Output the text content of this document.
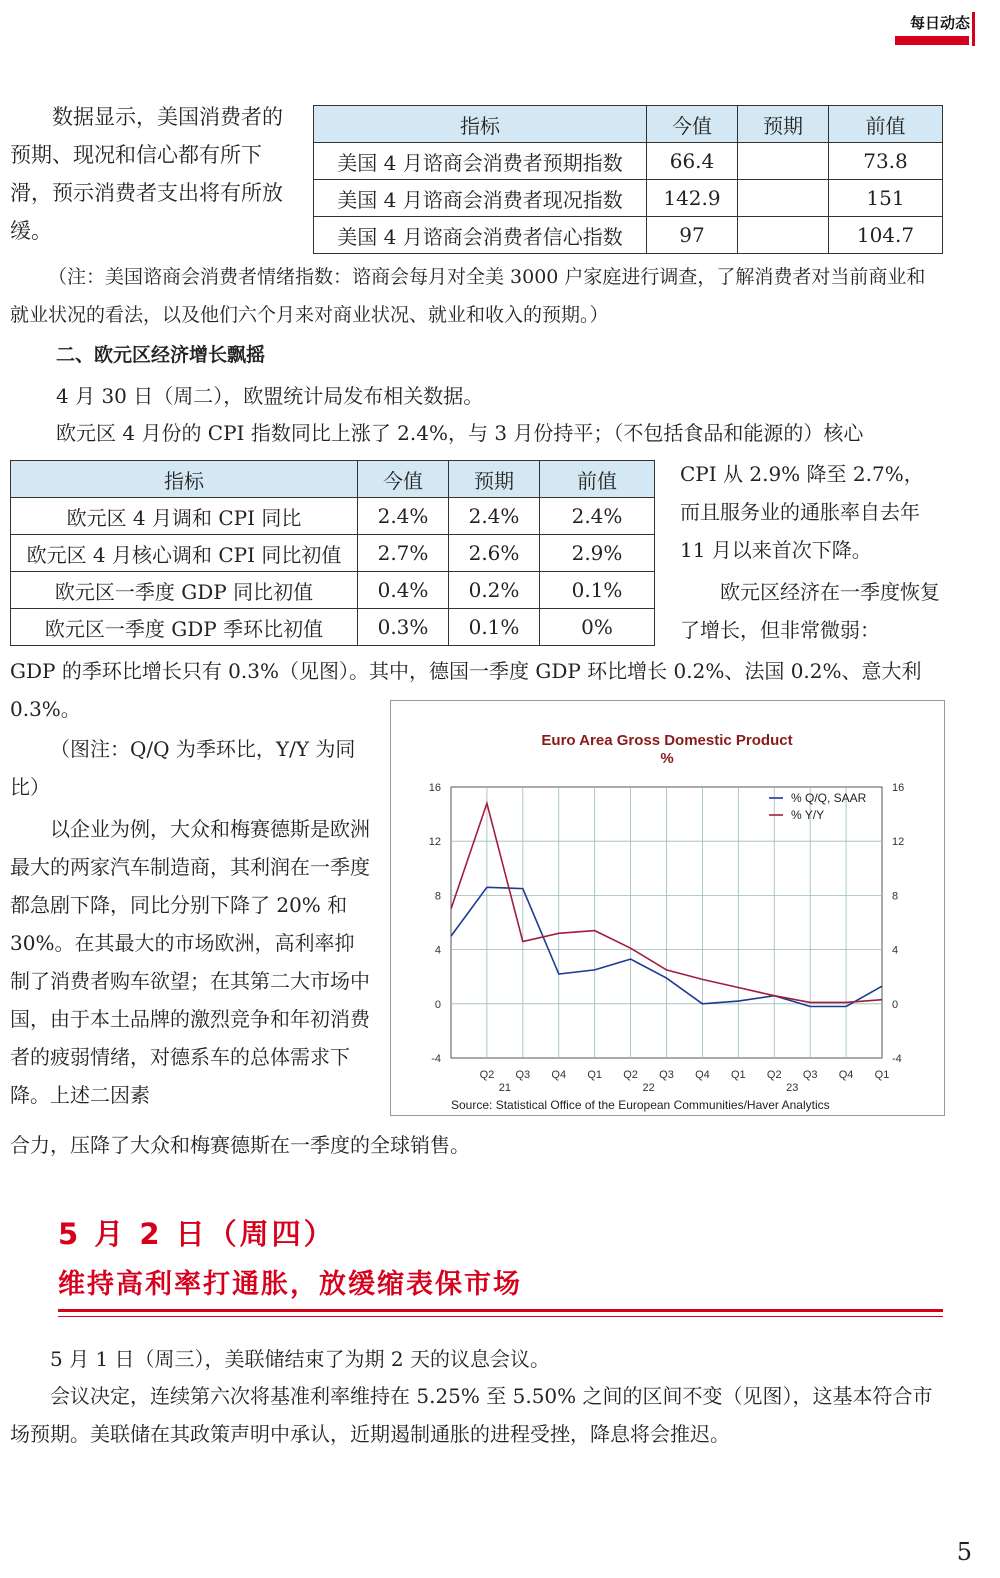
每日动态

数据显示，美国消费者的预期、现况和信心都有所下滑，预示消费者支出将有所放缓。

指标	今值	预期	前值
美国 4 月谘商会消费者预期指数	66.4		73.8
美国 4 月谘商会消费者现况指数	142.9		151
美国 4 月谘商会消费者信心指数	97		104.7

（注：美国谘商会消费者情绪指数：谘商会每月对全美 3000 户家庭进行调查，了解消费者对当前商业和就业状况的看法，以及他们六个月来对商业状况、就业和收入的预期。）

二、欧元区经济增长飘摇

4 月 30 日（周二），欧盟统计局发布相关数据。

欧元区 4 月份的 CPI 指数同比上涨了 2.4%，与 3 月份持平；（不包括食品和能源的）核心

指标	今值	预期	前值
欧元区 4 月调和 CPI 同比	2.4%	2.4%	2.4%
欧元区 4 月核心调和 CPI 同比初值	2.7%	2.6%	2.9%
欧元区一季度 GDP 同比初值	0.4%	0.2%	0.1%
欧元区一季度 GDP 季环比初值	0.3%	0.1%	0%

CPI 从 2.9% 降至 2.7%，而且服务业的通胀率自去年 11 月以来首次下降。

欧元区经济在一季度恢复了增长，但非常微弱：

GDP 的季环比增长只有 0.3%（见图）。其中，德国一季度 GDP 环比增长 0.2%、法国 0.2%、意大利 0.3%。

（图注：Q/Q 为季环比，Y/Y 为同比）

以企业为例，大众和梅赛德斯是欧洲最大的两家汽车制造商，其利润在一季度都急剧下降，同比分别下降了 20% 和 30%。在其最大的市场欧洲，高利率抑制了消费者购车欲望；在其第二大市场中国，由于本土品牌的激烈竞争和年初消费者的疲弱情绪，对德系车的总体需求下降。上述二因素

合力，压降了大众和梅赛德斯在一季度的全球销售。

Euro Area Gross Domestic Product
%
16	16
12	12
8	8
4	4
0	0
-4	-4
Q2 Q3 Q4 Q1 Q2 Q3 Q4 Q1 Q2 Q3 Q4 Q1
21	22	23
% Q/Q, SAAR
% Y/Y
Source: Statistical Office of the European Communities/Haver Analytics
5 月 2 日（周四）
维持高利率打通胀，放缓缩表保市场

5 月 1 日（周三），美联储结束了为期 2 天的议息会议。

会议决定，连续第六次将基准利率维持在 5.25% 至 5.50% 之间的区间不变（见图），这基本符合市场预期。美联储在其政策声明中承认，近期遏制通胀的进程受挫，降息将会推迟。

5
